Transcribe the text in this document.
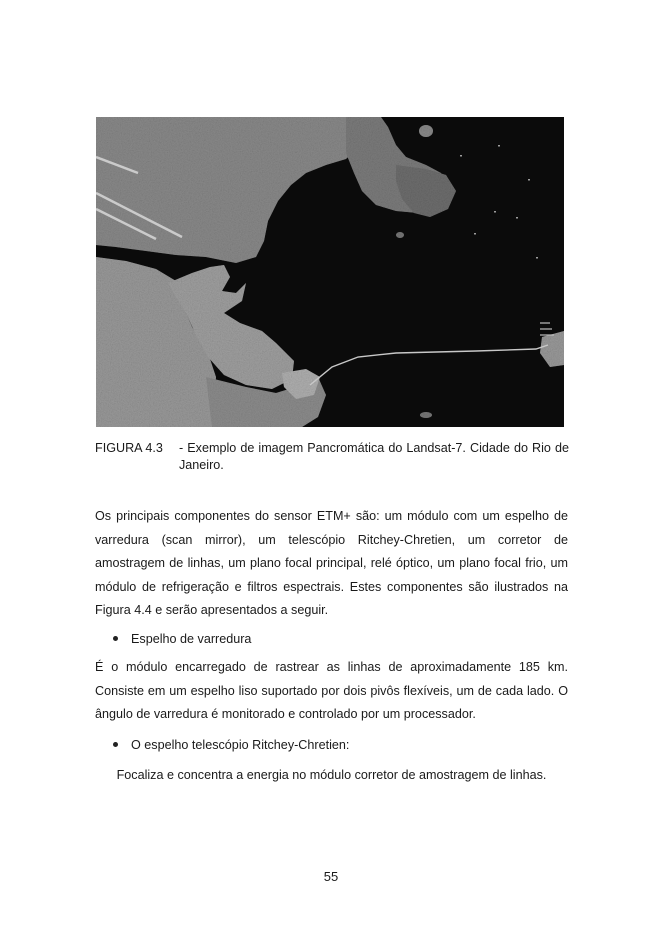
FIGURA 4.3 - Exemplo de imagem Pancromática do Landsat-7. Cidade do Rio de Janeiro.
Os principais componentes do sensor ETM+ são: um módulo com um espelho de varredura (scan mirror), um telescópio Ritchey-Chretien, um corretor de amostragem de linhas, um plano focal principal, relé óptico, um plano focal frio, um módulo de refrigeração e filtros espectrais. Estes componentes são ilustrados na Figura 4.4 e serão apresentados a seguir.
Espelho de varredura
É o módulo encarregado de rastrear as linhas de aproximadamente 185 km. Consiste em um espelho liso suportado por dois pivôs flexíveis, um de cada lado. O ângulo de varredura é monitorado e controlado por um processador.
O espelho telescópio Ritchey-Chretien:
Focaliza e concentra a energia no módulo corretor de amostragem de linhas.
55
